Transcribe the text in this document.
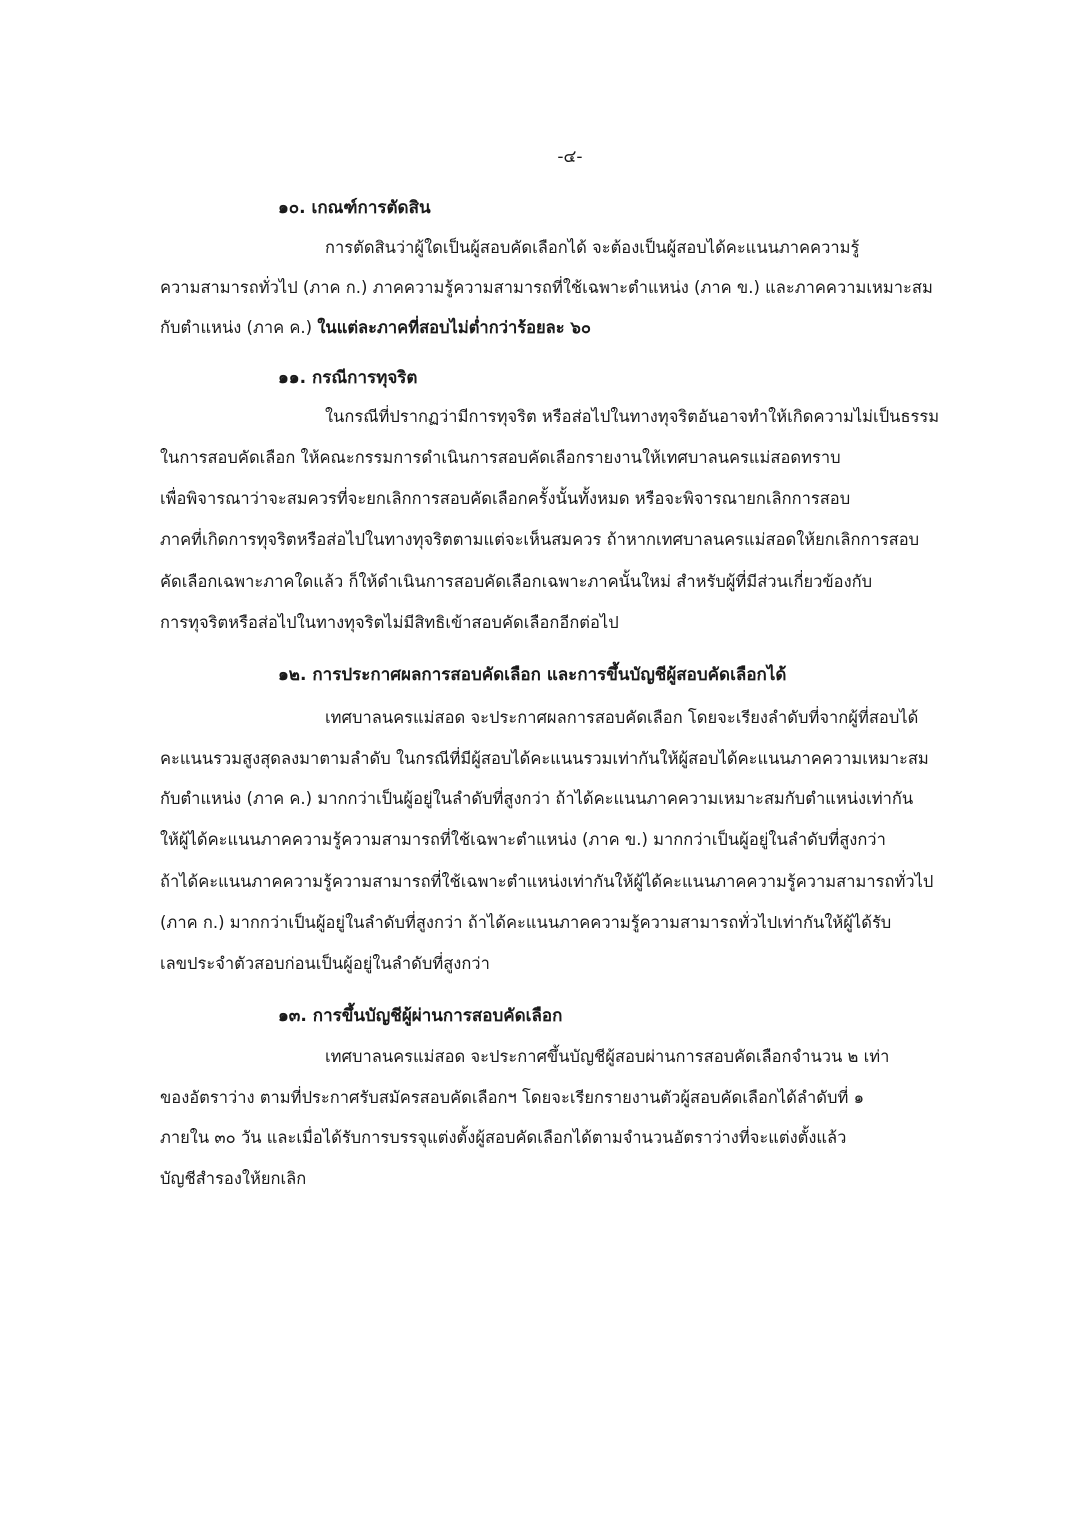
-๔-
๑๐. เกณฑ์การตัดสิน
การตัดสินว่าผู้ใดเป็นผู้สอบคัดเลือกได้ จะต้องเป็นผู้สอบได้คะแนนภาคความรู้
ความสามารถทั่วไป (ภาค ก.) ภาคความรู้ความสามารถที่ใช้เฉพาะตำแหน่ง (ภาค ข.) และภาคความเหมาะสม
กับตำแหน่ง (ภาค ค.) ในแต่ละภาคที่สอบไม่ต่ำกว่าร้อยละ ๖๐
๑๑. กรณีการทุจริต
ในกรณีที่ปรากฏว่ามีการทุจริต หรือส่อไปในทางทุจริตอันอาจทำให้เกิดความไม่เป็นธรรม
ในการสอบคัดเลือก ให้คณะกรรมการดำเนินการสอบคัดเลือกรายงานให้เทศบาลนครแม่สอดทราบ
เพื่อพิจารณาว่าจะสมควรที่จะยกเลิกการสอบคัดเลือกครั้งนั้นทั้งหมด หรือจะพิจารณายกเลิกการสอบ
ภาคที่เกิดการทุจริตหรือส่อไปในทางทุจริตตามแต่จะเห็นสมควร ถ้าหากเทศบาลนครแม่สอดให้ยกเลิกการสอบ
คัดเลือกเฉพาะภาคใดแล้ว ก็ให้ดำเนินการสอบคัดเลือกเฉพาะภาคนั้นใหม่ สำหรับผู้ที่มีส่วนเกี่ยวข้องกับ
การทุจริตหรือส่อไปในทางทุจริตไม่มีสิทธิเข้าสอบคัดเลือกอีกต่อไป
๑๒. การประกาศผลการสอบคัดเลือก และการขึ้นบัญชีผู้สอบคัดเลือกได้
เทศบาลนครแม่สอด จะประกาศผลการสอบคัดเลือก โดยจะเรียงลำดับที่จากผู้ที่สอบได้
คะแนนรวมสูงสุดลงมาตามลำดับ ในกรณีที่มีผู้สอบได้คะแนนรวมเท่ากันให้ผู้สอบได้คะแนนภาคความเหมาะสม
กับตำแหน่ง (ภาค ค.) มากกว่าเป็นผู้อยู่ในลำดับที่สูงกว่า ถ้าได้คะแนนภาคความเหมาะสมกับตำแหน่งเท่ากัน
ให้ผู้ได้คะแนนภาคความรู้ความสามารถที่ใช้เฉพาะตำแหน่ง (ภาค ข.) มากกว่าเป็นผู้อยู่ในลำดับที่สูงกว่า
ถ้าได้คะแนนภาคความรู้ความสามารถที่ใช้เฉพาะตำแหน่งเท่ากันให้ผู้ได้คะแนนภาคความรู้ความสามารถทั่วไป
(ภาค ก.) มากกว่าเป็นผู้อยู่ในลำดับที่สูงกว่า ถ้าได้คะแนนภาคความรู้ความสามารถทั่วไปเท่ากันให้ผู้ได้รับ
เลขประจำตัวสอบก่อนเป็นผู้อยู่ในลำดับที่สูงกว่า
๑๓. การขึ้นบัญชีผู้ผ่านการสอบคัดเลือก
เทศบาลนครแม่สอด จะประกาศขึ้นบัญชีผู้สอบผ่านการสอบคัดเลือกจำนวน ๒ เท่า
ของอัตราว่าง ตามที่ประกาศรับสมัครสอบคัดเลือกฯ โดยจะเรียกรายงานตัวผู้สอบคัดเลือกได้ลำดับที่ ๑
ภายใน ๓๐ วัน และเมื่อได้รับการบรรจุแต่งตั้งผู้สอบคัดเลือกได้ตามจำนวนอัตราว่างที่จะแต่งตั้งแล้ว
บัญชีสำรองให้ยกเลิก
